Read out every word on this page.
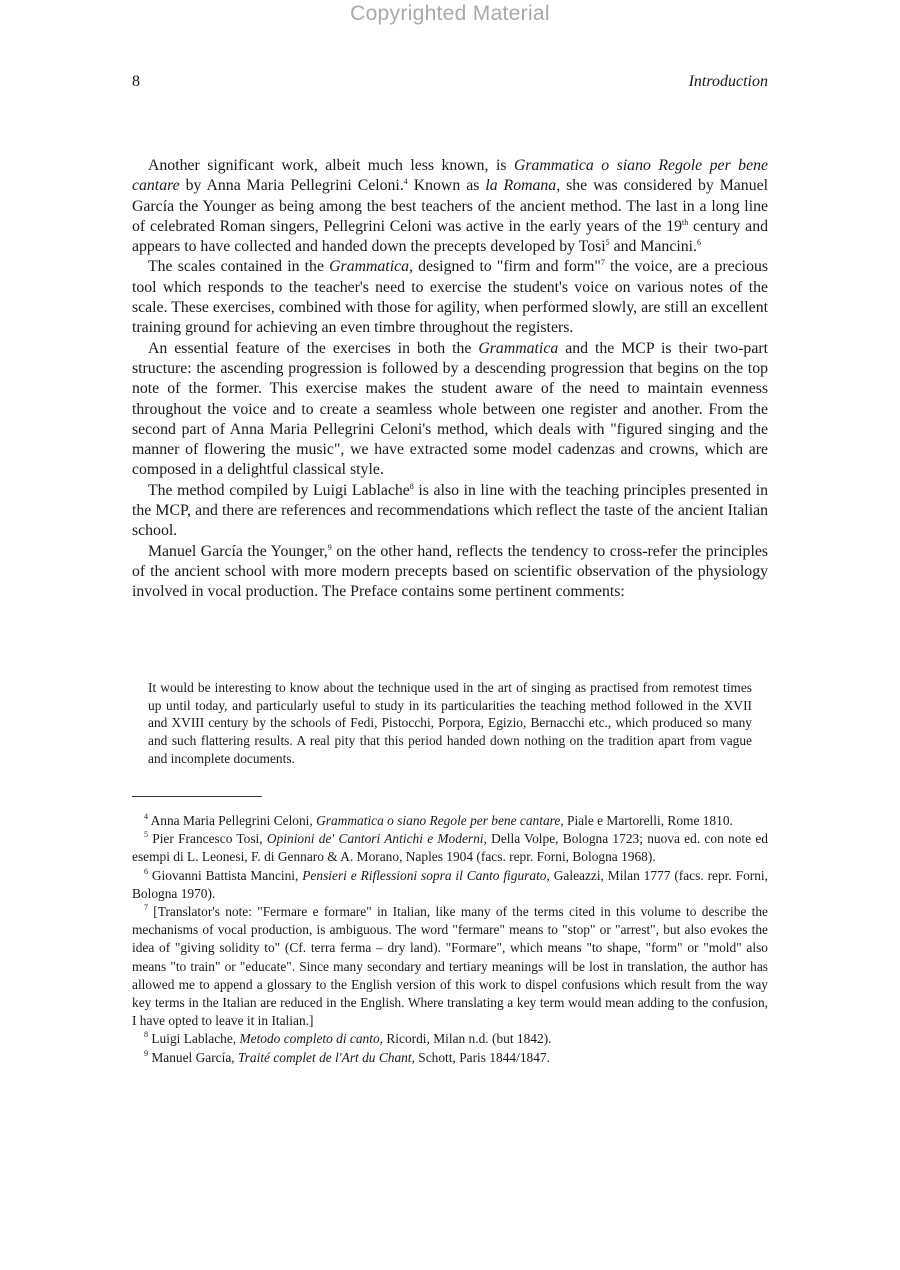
Copyrighted Material
8	Introduction

Another significant work, albeit much less known, is Grammatica o siano Regole per bene cantare by Anna Maria Pellegrini Celoni.$^4$ Known as la Romana, she was considered by Manuel García the Younger as being among the best teachers of the ancient method. The last in a long line of celebrated Roman singers, Pellegrini Celoni was active in the early years of the 19th century and appears to have collected and handed down the precepts developed by Tosi$^5$ and Mancini.$^6$

The scales contained in the Grammatica, designed to "firm and form"$^7$ the voice, are a precious tool which responds to the teacher's need to exercise the student's voice on various notes of the scale. These exercises, combined with those for agility, when performed slowly, are still an excellent training ground for achieving an even timbre throughout the registers.

An essential feature of the exercises in both the Grammatica and the MCP is their two-part structure: the ascending progression is followed by a descending progression that begins on the top note of the former. This exercise makes the student aware of the need to maintain evenness throughout the voice and to create a seamless whole between one register and another. From the second part of Anna Maria Pellegrini Celoni's method, which deals with "figured singing and the manner of flowering the music", we have extracted some model cadenzas and crowns, which are composed in a delightful classical style.

The method compiled by Luigi Lablache$^8$ is also in line with the teaching principles presented in the MCP, and there are references and recommendations which reflect the taste of the ancient Italian school.

Manuel García the Younger,$^9$ on the other hand, reflects the tendency to cross-refer the principles of the ancient school with more modern precepts based on scientific observation of the physiology involved in vocal production. The Preface contains some pertinent comments:

It would be interesting to know about the technique used in the art of singing as practised from remotest times up until today, and particularly useful to study in its particularities the teaching method followed in the XVII and XVIII century by the schools of Fedi, Pistocchi, Porpora, Egizio, Bernacchi etc., which produced so many and such flattering results. A real pity that this period handed down nothing on the tradition apart from vague and incomplete documents.

$^4$ Anna Maria Pellegrini Celoni, Grammatica o siano Regole per bene cantare, Piale e Martorelli, Rome 1810.

$^5$ Pier Francesco Tosi, Opinioni de' Cantori Antichi e Moderni, Della Volpe, Bologna 1723; nuova ed. con note ed esempi di L. Leonesi, F. di Gennaro & A. Morano, Naples 1904 (facs. repr. Forni, Bologna 1968).

$^6$ Giovanni Battista Mancini, Pensieri e Riflessioni sopra il Canto figurato, Galeazzi, Milan 1777 (facs. repr. Forni, Bologna 1970).

$^7$ [Translator's note: "Fermare e formare" in Italian, like many of the terms cited in this volume to describe the mechanisms of vocal production, is ambiguous. The word "fermare" means to "stop" or "arrest", but also evokes the idea of "giving solidity to" (Cf. terra ferma – dry land). "Formare", which means "to shape, "form" or "mold" also means "to train" or "educate". Since many secondary and tertiary meanings will be lost in translation, the author has allowed me to append a glossary to the English version of this work to dispel confusions which result from the way key terms in the Italian are reduced in the English. Where translating a key term would mean adding to the confusion, I have opted to leave it in Italian.]

$^8$ Luigi Lablache, Metodo completo di canto, Ricordi, Milan n.d. (but 1842).

$^9$ Manuel García, Traité complet de l'Art du Chant, Schott, Paris 1844/1847.
